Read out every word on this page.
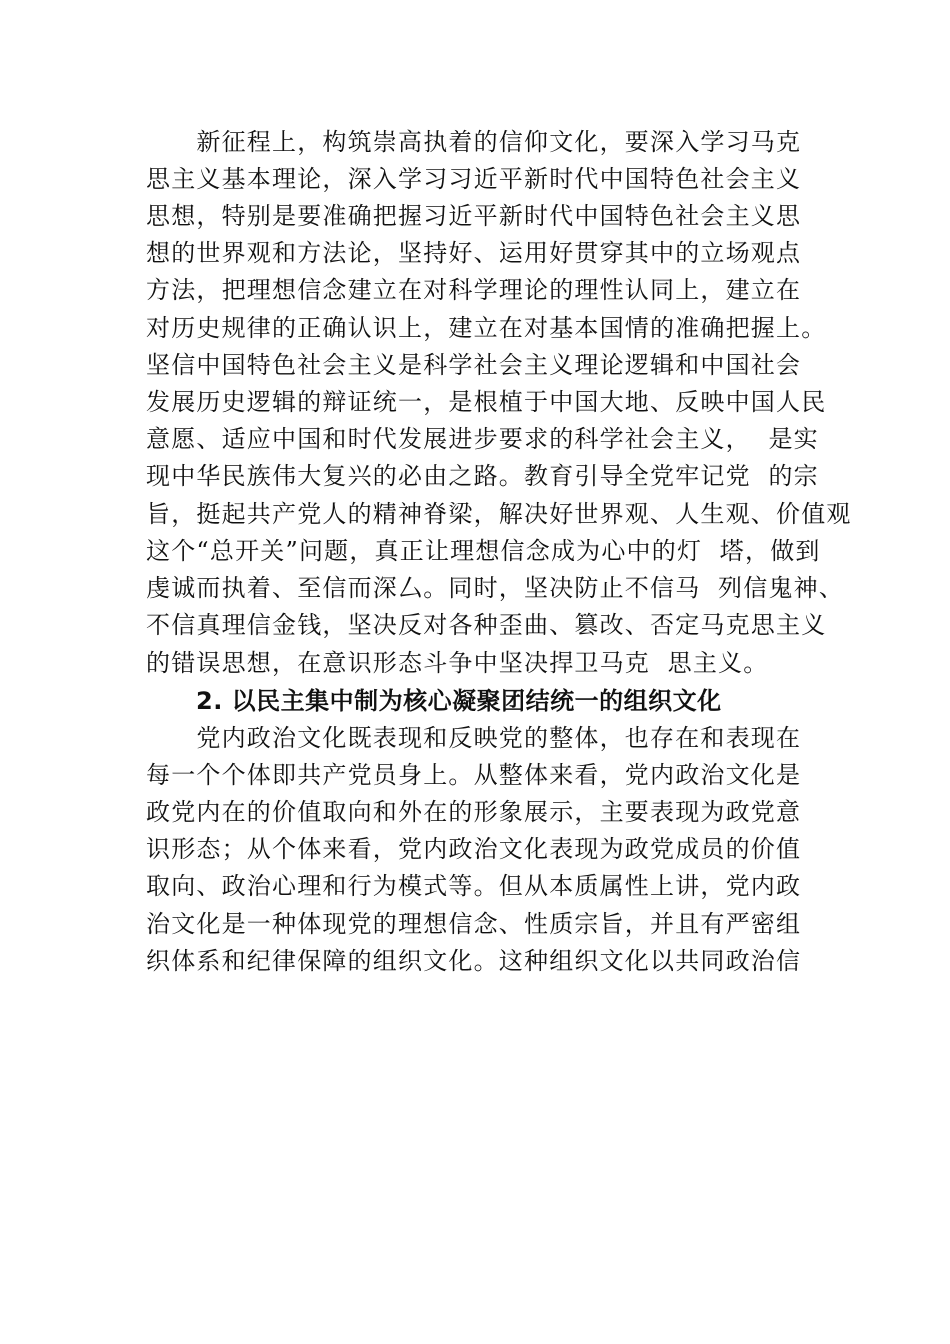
　　新征程上，构筑崇高执着的信仰文化，要深入学习马克
思主义基本理论，深入学习习近平新时代中国特色社会主义
思想，特别是要准确把握习近平新时代中国特色社会主义思
想的世界观和方法论，坚持好、运用好贯穿其中的立场观点
方法，把理想信念建立在对科学理论的理性认同上，建立在
对历史规律的正确认识上，建立在对基本国情的准确把握上。
坚信中国特色社会主义是科学社会主义理论逻辑和中国社会
发展历史逻辑的辩证统一，是根植于中国大地、反映中国人民
意愿、适应中国和时代发展进步要求的科学社会主义，  是实
现中华民族伟大复兴的必由之路。教育引导全党牢记党  的宗
旨，挺起共产党人的精神脊梁，解决好世界观、人生观、价值观
这个“总开关”问题，真正让理想信念成为心中的灯  塔，做到
虔诚而执着、至信而深厶。同时，坚决防止不信马  列信鬼神、
不信真理信金钱，坚决反对各种歪曲、篡改、否定马克思主义
的错误思想，在意识形态斗争中坚决捍卫马克  思主义。
2. 以民主集中制为核心凝聚团结统一的组织文化
　　党内政治文化既表现和反映党的整体，也存在和表现在
每一个个体即共产党员身上。从整体来看，党内政治文化是
政党内在的价值取向和外在的形象展示，主要表现为政党意
识形态；从个体来看，党内政治文化表现为政党成员的价值
取向、政治心理和行为模式等。但从本质属性上讲，党内政
治文化是一种体现党的理想信念、性质宗旨，并且有严密组
织体系和纪律保障的组织文化。这种组织文化以共同政治信
